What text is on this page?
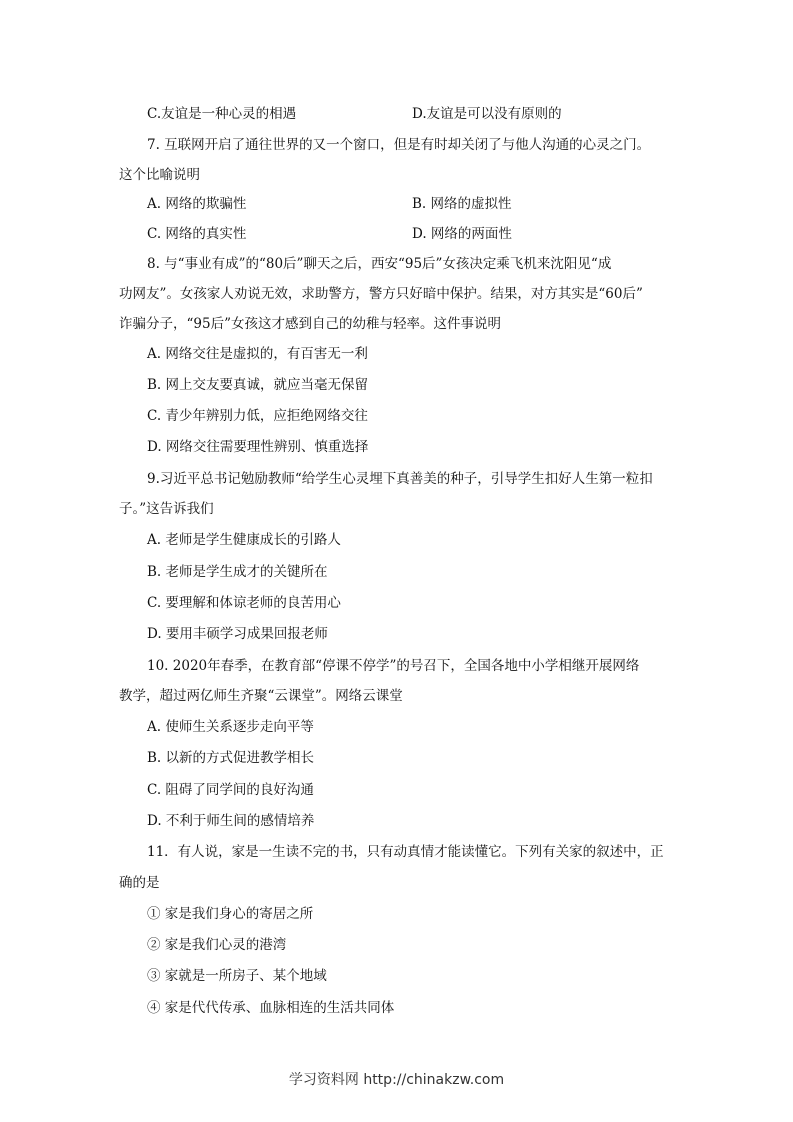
C.友谊是一种心灵的相遇	D.友谊是可以没有原则的
7. 互联网开启了通往世界的又一个窗口，但是有时却关闭了与他人沟通的心灵之门。
这个比喻说明
A. 网络的欺骗性	B. 网络的虚拟性
C. 网络的真实性	D. 网络的两面性
8. 与“事业有成”的“80后”聊天之后，西安“95后”女孩决定乘飞机来沈阳见“成
功网友”。女孩家人劝说无效，求助警方，警方只好暗中保护。结果，对方其实是“60后”
诈骗分子，“95后”女孩这才感到自己的幼稚与轻率。这件事说明
A. 网络交往是虚拟的，有百害无一利
B. 网上交友要真诚，就应当毫无保留
C. 青少年辨别力低，应拒绝网络交往
D. 网络交往需要理性辨别、慎重选择
9.习近平总书记勉励教师“给学生心灵埋下真善美的种子，引导学生扣好人生第一粒扣
子。”这告诉我们
A. 老师是学生健康成长的引路人
B. 老师是学生成才的关键所在
C. 要理解和体谅老师的良苦用心
D. 要用丰硕学习成果回报老师
10. 2020年春季，在教育部“停课不停学”的号召下，全国各地中小学相继开展网络
教学，超过两亿师生齐聚“云课堂”。网络云课堂
A. 使师生关系逐步走向平等
B. 以新的方式促进教学相长
C. 阻碍了同学间的良好沟通
D. 不利于师生间的感情培养
11．有人说，家是一生读不完的书，只有动真情才能读懂它。下列有关家的叙述中，正
确的是
① 家是我们身心的寄居之所
② 家是我们心灵的港湾
③ 家就是一所房子、某个地域
④ 家是代代传承、血脉相连的生活共同体
学习资料网 http://chinakzw.com
